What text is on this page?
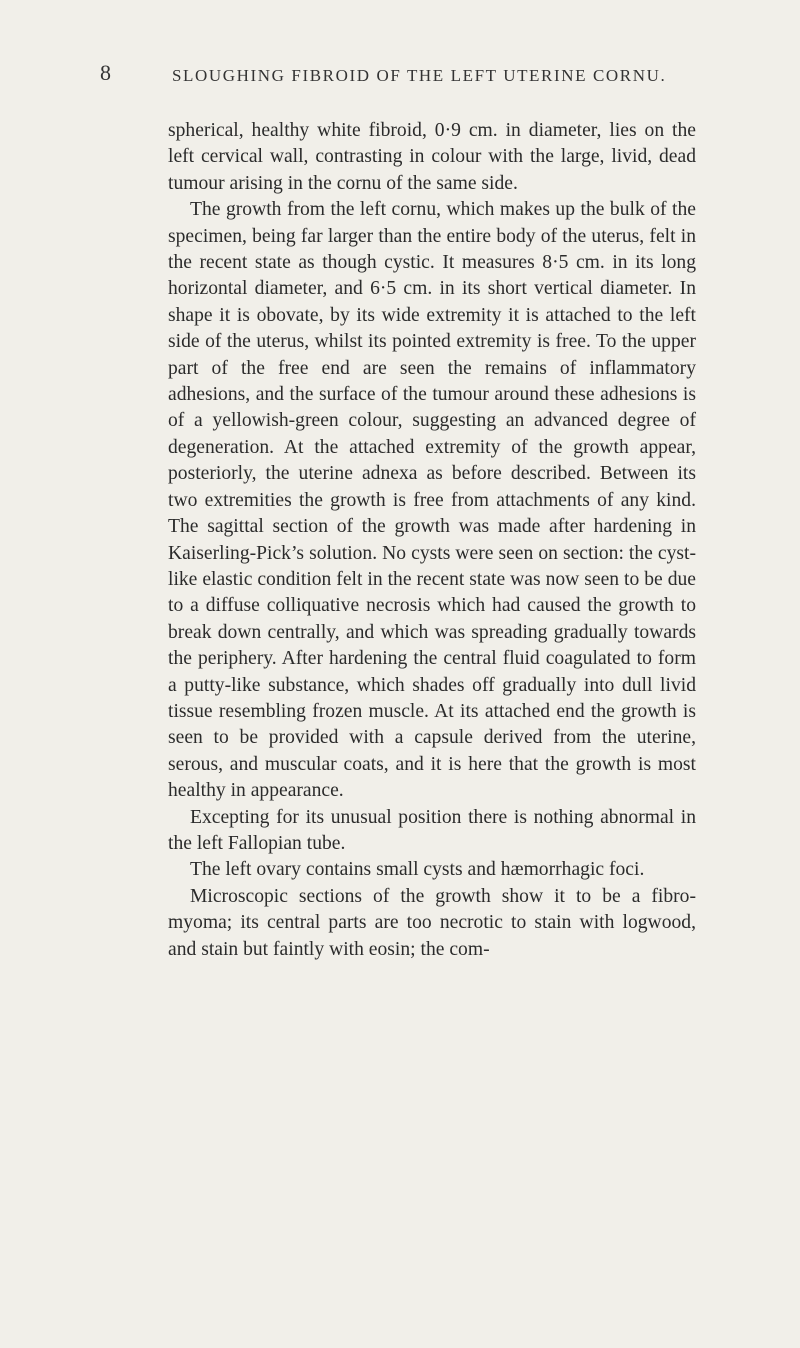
8	SLOUGHING FIBROID OF THE LEFT UTERINE CORNU.

spherical, healthy white fibroid, 0·9 cm. in diameter, lies on the left cervical wall, contrasting in colour with the large, livid, dead tumour arising in the cornu of the same side.

The growth from the left cornu, which makes up the bulk of the specimen, being far larger than the entire body of the uterus, felt in the recent state as though cystic. It measures 8·5 cm. in its long horizontal diameter, and 6·5 cm. in its short vertical diameter. In shape it is obovate, by its wide extremity it is attached to the left side of the uterus, whilst its pointed extremity is free. To the upper part of the free end are seen the remains of inflammatory adhesions, and the surface of the tumour around these adhesions is of a yellowish-green colour, suggesting an advanced degree of degeneration. At the attached extremity of the growth appear, posteriorly, the uterine adnexa as before described. Between its two extremities the growth is free from attachments of any kind. The sagittal section of the growth was made after hardening in Kaiserling-Pick’s solution. No cysts were seen on section: the cyst-like elastic condition felt in the recent state was now seen to be due to a diffuse colliquative necrosis which had caused the growth to break down centrally, and which was spreading gradually towards the periphery. After hardening the central fluid coagulated to form a putty-like substance, which shades off gradually into dull livid tissue resembling frozen muscle. At its attached end the growth is seen to be provided with a capsule derived from the uterine, serous, and muscular coats, and it is here that the growth is most healthy in appearance.

Excepting for its unusual position there is nothing abnormal in the left Fallopian tube.

The left ovary contains small cysts and hæmorrhagic foci.

Microscopic sections of the growth show it to be a fibro-myoma; its central parts are too necrotic to stain with logwood, and stain but faintly with eosin; the com-
